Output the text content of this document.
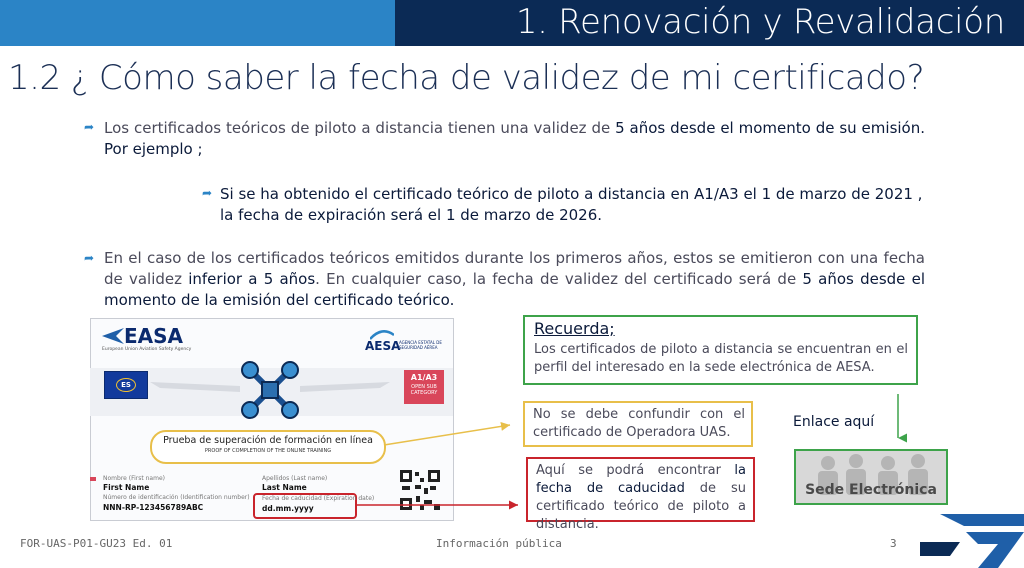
1. Renovación y Revalidación
1.2 ¿ Cómo saber la fecha de validez de mi certificado?
➦ Los certificados teóricos de piloto a distancia tienen una validez de 5 años desde el momento de su emisión. Por ejemplo ;
➦ Si se ha obtenido el certificado teórico de piloto a distancia en A1/A3 el 1 de marzo de 2021 ,
la fecha de expiración será el 1 de marzo de 2026.
➦ En el caso de los certificados teóricos emitidos durante los primeros años, estos se emitieron con una fecha de validez inferior a 5 años. En cualquier caso, la fecha de validez del certificado será de 5 años desde el momento de la emisión del certificado teórico.
EASA
European Union Aviation Safety Agency	AESA
AGENCIA ESTATAL DE SEGURIDAD AÉREA
ES
A1/A3
OPEN SUB CATEGORY
Prueba de superación de formación en línea
PROOF OF COMPLETION OF THE ONLINE TRAINING
Nombre (First name)
First Name
Apellidos (Last name)
Last Name
Número de identificación (Identification number)
NNN-RP-123456789ABC
Fecha de caducidad (Expiration date)
dd.mm.yyyy
Recuerda;
Los certificados de piloto a distancia se encuentran en el perfil del interesado en la sede electrónica de AESA.
No se debe confundir con el certificado de Operadora UAS.
Aquí se podrá encontrar la fecha de caducidad de su certificado teórico de piloto a distancia.
Enlace aquí
Sede Electrónica
FOR-UAS-P01-GU23 Ed. 01	Información pública	3
